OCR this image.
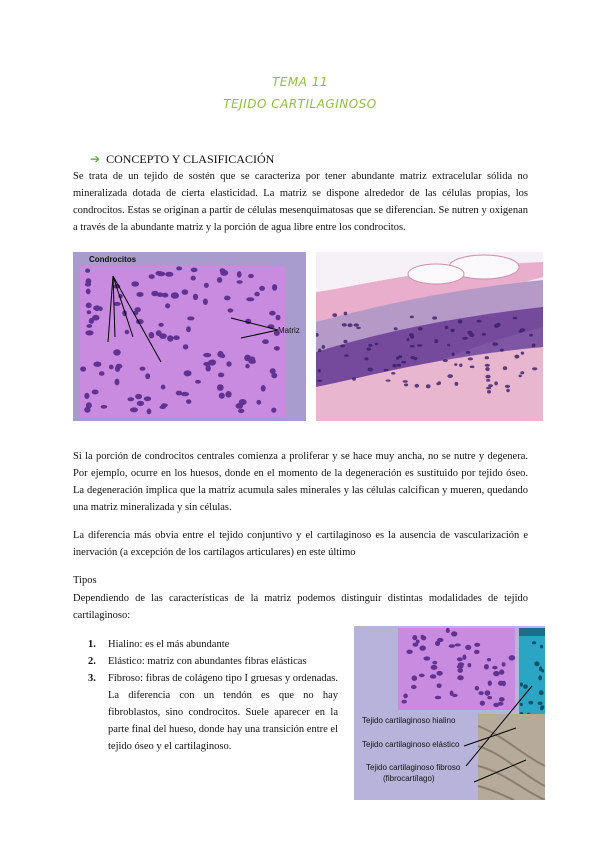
TEMA 11
TEJIDO CARTILAGINOSO
➔ CONCEPTO Y CLASIFICACIÓN

Se trata de un tejido de sostén que se caracteriza por tener abundante matriz extracelular sólida no mineralizada dotada de cierta elasticidad. La matriz se dispone alrededor de las células propias, los condrocitos. Estas se originan a partir de células mesenquimatosas que se diferencian. Se nutren y oxigenan a través de la abundante matriz y la porción de agua libre entre los condrocitos.

Condrocitos
Matriz

Si la porción de condrocitos centrales comienza a proliferar y se hace muy ancha, no se nutre y degenera. Por ejemplo, ocurre en los huesos, donde en el momento de la degeneración es sustituido por tejido óseo. La degeneración implica que la matriz acumula sales minerales y las células calcifican y mueren, quedando una matriz mineralizada y sin células.

La diferencia más obvia entre el tejido conjuntivo y el cartilaginoso es la ausencia de vascularización e inervación (a excepción de los cartílagos articulares) en este último

Tipos

Dependiendo de las características de la matriz podemos distinguir distintas modalidades de tejido cartilaginoso:

1. Hialino: es el más abundante
2. Elástico: matriz con abundantes fibras elásticas
3. Fibroso: fibras de colágeno tipo I gruesas y ordenadas. La diferencia con un tendón es que no hay fibroblastos, sino condrocitos. Suele aparecer en la parte final del hueso, donde hay una transición entre el tejido óseo y el cartilaginoso.
Tejido cartilaginoso hialino
Tejido cartilaginoso elástico
Tejido cartilaginoso fibroso
(fibrocartílago)
